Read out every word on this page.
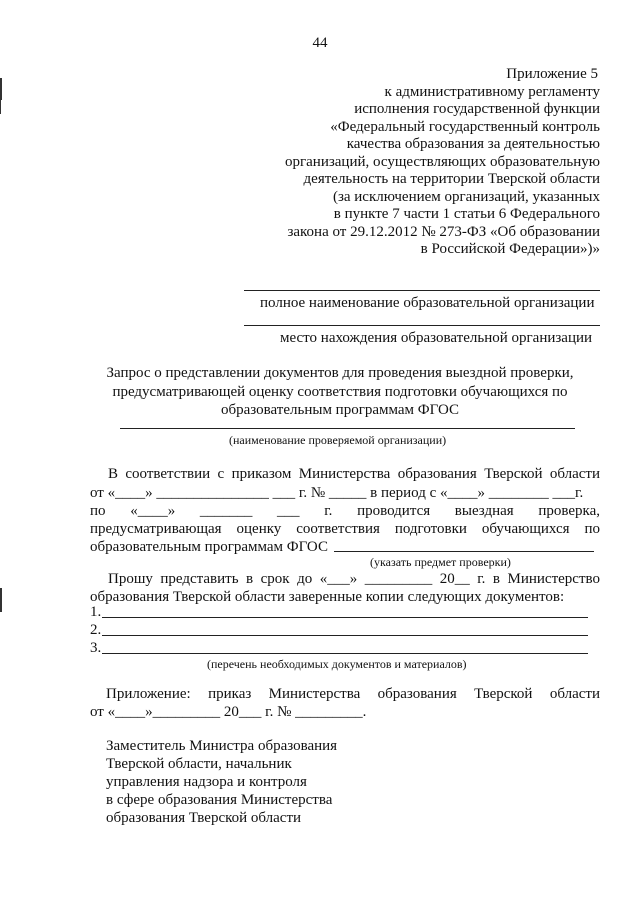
44
Приложение 5
к административному регламенту
исполнения государственной функции
«Федеральный государственный контроль
качества образования за деятельностью
организаций, осуществляющих образовательную
деятельность на территории Тверской области
(за исключением организаций, указанных
в пункте 7 части 1 статьи 6 Федерального
закона от 29.12.2012 № 273-ФЗ «Об образовании
в Российской Федерации»)»
полное наименование образовательной организации
место нахождения образовательной организации
Запрос о представлении документов для проведения выездной проверки,
предусматривающей оценку соответствия подготовки обучающихся по
образовательным программам ФГОС
(наименование проверяемой организации)
В соответствии с приказом Министерства образования Тверской области
от «____» _______________ ___ г. № _____ в период с «____» ________ ___г.
по «____» _______ ___ г. проводится выездная проверка,
предусматривающая оценку соответствия подготовки обучающихся по
образовательным программам ФГОС
(указать предмет проверки)
Прошу представить в срок до «___» _________ 20__ г. в Министерство
образования Тверской области заверенные копии следующих документов:
1.
2.
3.
(перечень необходимых документов и материалов)
Приложение: приказ Министерства образования Тверской области
от «____»_________ 20___ г. № _________.
Заместитель Министра образования
Тверской области, начальник
управления надзора и контроля
в сфере образования Министерства
образования Тверской области
